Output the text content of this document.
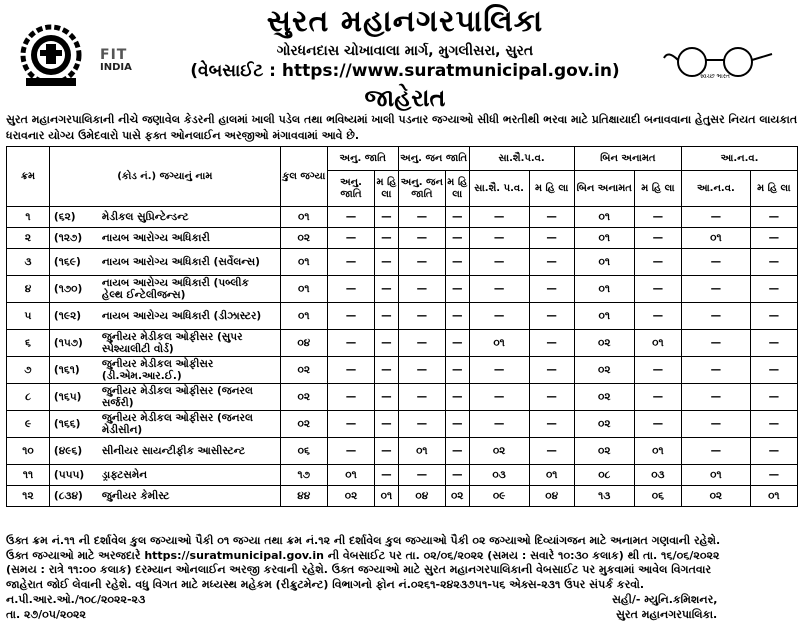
FIT
INDIA
સુરત મહાનગરપાલિકા
ગોરધનદાસ ચોખાવાલા માર્ગ, મુગલીસરા, સુરત
(વેબસાઈટ : https://www.suratmunicipal.gov.in)
જાહેરાત
સ્વચ્છ ભારત
સુરત મહાનગરપાલિકાની નીચે જણાવેલ કેડરની હાલમાં ખાલી પડેલ તથા ભવિષ્યમાં ખાલી પડનાર જગ્યાઓ સીધી ભરતીથી ભરવા માટે પ્રતિક્ષાયાદી બનાવવાના હેતુસર નિયત લાયકાત ધરાવનાર યોગ્ય ઉમેદવારો પાસે ફક્ત ઓનલાઈન અરજીઓ મંગાવવામાં આવે છે.
ક્રમ	(કોડ નં.) જગ્યાનું નામ	કુલ જગ્યા	અનુ. જાતિ		અનુ. જન જાતિ		સા.શૈ.પ.વ.		બિન અનામત		આ.ન.વ.	
			અનુ. જાતિ	મ હિ લા	અનુ. જન જાતિ	મ હિ લા	સા.શૈ. પ.વ.	મ હિ લા	બિન અનામત	મ હિ લા	આ.ન.વ.	મ હિ લા
૧	(૬૨) મેડીકલ સુપ્રિન્ટેન્ડન્ટ	૦૧	—	—	—	—	—	—	૦૧	—	—	—
૨	(૧૨૭) નાયબ આરોગ્ય અધિકારી	૦૨	—	—	—	—	—	—	૦૧	—	૦૧	—
૩	(૧૬૯) નાયબ આરોગ્ય અધિકારી (સર્વેલન્સ)	૦૧	—	—	—	—	—	—	૦૧	—	—	—
૪	(૧૭૦) નાયબ આરોગ્ય અધિકારી (પબ્લીક હેલ્થ ઈન્ટેલીજન્સ)	૦૧	—	—	—	—	—	—	૦૧	—	—	—
૫	(૧૯૨) નાયબ આરોગ્ય અધિકારી (ડીઝાસ્ટર)	૦૧	—	—	—	—	—	—	૦૧	—	—	—
૬	(૧૫૭) જુનીયર મેડીકલ ઓફીસર (સુપર સ્પેશ્યાલીટી વોર્ડ)	૦૪	—	—	—	—	૦૧	—	૦૨	૦૧	—	—
૭	(૧૬૧) જુનીયર મેડીકલ ઓફીસર (ડી.એમ.આર.ઈ.)	૦૨	—	—	—	—	—	—	૦૨	—	—	—
૮	(૧૬૫) જુનીયર મેડીકલ ઓફીસર (જનરલ સર્જરી)	૦૨	—	—	—	—	—	—	૦૨	—	—	—
૯	(૧૬૬) જુનીયર મેડીકલ ઓફીસર (જનરલ મેડીસીન)	૦૨	—	—	—	—	—	—	૦૨	—	—	—
૧૦	(૪૯૬) સીનીયર સાયન્ટીફીક આસીસ્ટન્ટ	૦૬	—	—	૦૧	—	૦૨	—	૦૨	૦૧	—	—
૧૧	(૫૫૫) ડ્રાફ્ટસમેન	૧૭	૦૧	—	—	—	૦૩	૦૧	૦૮	૦૩	૦૧	—
૧૨	(૮૩૪) જુનીયર કેમીસ્ટ	૪૪	૦૨	૦૧	૦૪	૦૨	૦૯	૦૪	૧૩	૦૬	૦૨	૦૧
ઉક્ત ક્રમ નં.૧૧ ની દર્શાવેલ કુલ જગ્યાઓ પૈકી ૦૧ જગ્યા તથા ક્રમ નં.૧૨ ની દર્શાવેલ કુલ જગ્યાઓ પૈકી ૦૨ જગ્યાઓ દિવ્યાંગજન માટે અનામત ગણવાની રહેશે.
ઉક્ત જગ્યાઓ માટે અરજદારે https://suratmunicipal.gov.in ની વેબસાઈટ પર તા. ૦૨/૦૬/૨૦૨૨ (સમય : સવારે ૧૦:૩૦ કલાક) થી તા. ૧૬/૦૬/૨૦૨૨
(સમય : રાત્રે ૧૧:૦૦ કલાક) દરમ્યાન ઓનલાઈન અરજી કરવાની રહેશે. ઉક્ત જગ્યાઓ માટે સુરત મહાનગરપાલિકાની વેબસાઈટ પર મુકવામાં આવેલ વિગતવાર
જાહેરાત જોઈ લેવાની રહેશે. વધુ વિગત માટે મધ્યસ્થ મહેકમ (રીક્રુટમેન્ટ) વિભાગનો ફોન નં.૦૨૬૧-૨૪૨૩૭૫૧-૫૬ એક્સ-૨૩૧ ઉપર સંપર્ક કરવો.
ન.પી.આર.ઓ./૧૦૮/૨૦૨૨-૨૩
તા. ૨૭/૦૫/૨૦૨૨
સહી/- મ્યુનિ.કમિશનર,
સુરત મહાનગરપાલિકા.
